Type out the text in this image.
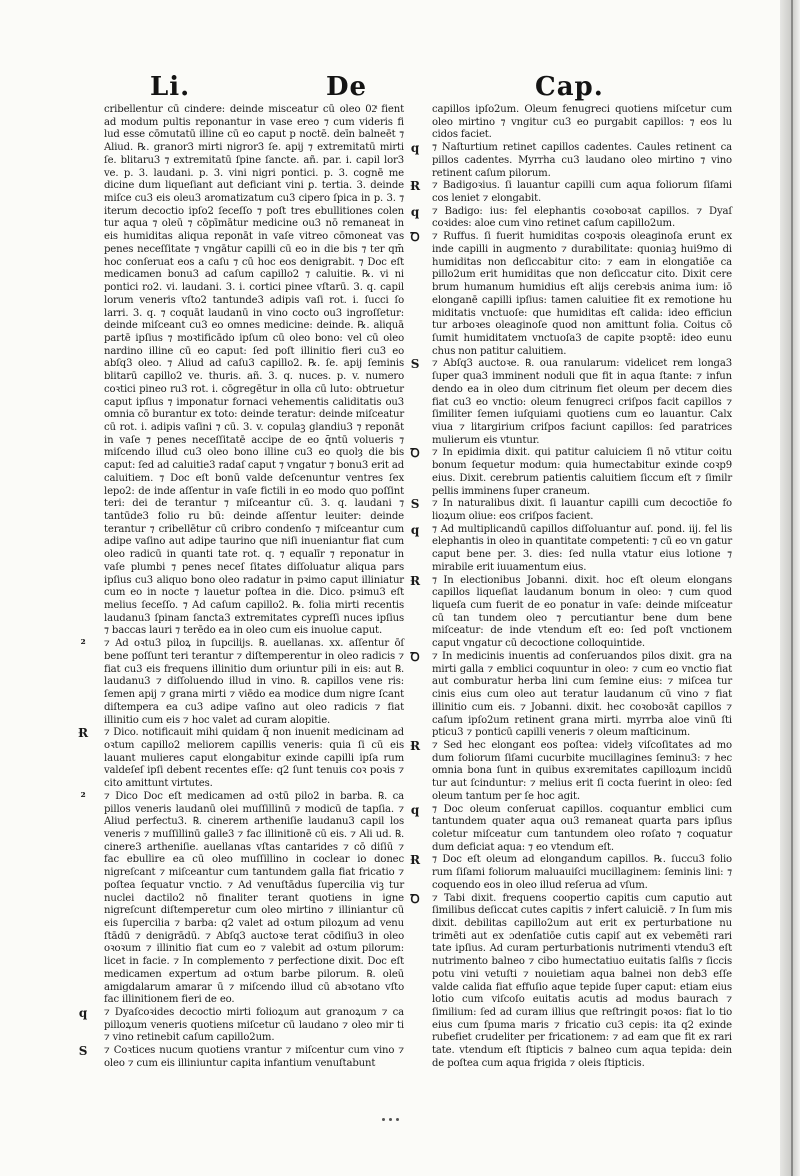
Li.	De	Cap.

cribellentur cū cindere: deinde misceatur cū oleo 02ͭ fient ad modum pultis reponantur in vase ereo ⁊ cum videris fi lud esse cōmutatū illine cū eo caput p noctē. deīn balneēt ⁊ Aliud. ℞. granor3 mirti nigror3 ſe. apij ⁊ extremitatū mirti ſe. blitaru3 ⁊ extremitatū ſpine ſancte. añ. par. i. capil lor3 ve. p. 3. laudani. p. 3. vini nigri pontici. p. 3. cognē me dicine dum liqueſiant aut deficiant vini ꝑ. tertia. 3. deinde miſce cu3 eis oleu3 aromatizatum cu3 cipero ſpica in p. 3. ⁊ iterum decoctio ipſo2 ſeceſſo ⁊ poſt tres ebullitiones colen tur aqua ⁊ oleū ⁊ cōpīmātur medicine ou3 nō remaneat in eis humiditas aliqua reponāt in vaſe vitreo cōmoneat vas penes neceſſitate ⁊ vngātur capilli cū eo in die bis ⁊ ter qm̄ hoc conſeruat eos a caſu ⁊ cū hoc eos denigrabit. ⁊ Doc eſt medicamen bonu3 ad caſum capillo2 ⁊ caluitie. ℞. vi ni pontici ro2. vi. laudani. 3. i. cortici pinee vſtarū. 3. q. capil lorum veneris vſto2 tantunde3 adipis vaſi rot. i. ſucci ſo larri. 3. q. ⁊ coquāt laudanū in vino cocto ou3 ingroſſetur: deinde miſceant cu3 eo omnes medicine: deinde. ℞. aliquā partē ipſius ⁊ moꝛtificādo ipſum cū oleo bono: vel cū oleo nardino illine cū eo caput: ſed poſt illinitio fieri cu3 eo abſq3 oleo. ⁊ Aliud ad caſu3 capillo2. ℞. ſe. apij ſeminis blitarū capillo2 ve. thuris. añ. 3. q. nuces. p. v. numero coꝛtici pineo ru3 rot. i. cōgregētur in olla cū luto: obtruetur caput ipſius ⁊ imponatur fornaci vehementis caliditatis ou3 omnia cō burantur ex toto: deinde teratur: deinde miſceatur cū rot. i. adipis vaſini ⁊ cū. 3. v. copulaꝫ glandiu3 ⁊ reponāt in vaſe ⁊ penes neceſſitatē accipe de eo q̄ntū volueris ⁊ miſcendo illud cu3 oleo bono illine cu3 eo quolȝ die bis caput: ſed ad caluitie3 radaſ caput ⁊ vngatur ⁊ bonu3 erit ad caluitiem. ⁊ Doc eſt bonū valde deſcenuntur ventres ſex lepo2: de inde aſſentur in vaſe fictili in eo modo quo poſſint teri: dei de terantur ⁊ miſceantur cū. 3. q. laudani ⁊ tantūde3 folio ru bū: deinde aſſentur leuiter: deinde terantur ⁊ cribellētur cū cribro condenſo ⁊ miſceantur cum adipe vaſino aut adipe taurino que niſi inueniantur fiat cum oleo radicū in quanti tate rot. q. ⁊ equalīr ⁊ reponatur in vaſe plumbi ⁊ penes neceſ ſitates diſſoluatur aliqua pars ipſius cu3 aliquo bono oleo radatur in pꝛimo caput illiniatur cum eo in nocte ⁊ lauetur poſtea in die. Dico. pꝛimu3 eſt melius ſeceſſo. ⁊ Ad caſum capillo2. ℞. folia mirti recentis laudanu3 ſpinam ſancta3 extremitates cypreſſi nuces ipſius ⁊ baccas lauri ⁊ terēdo ea in oleo cum eis inuolue caput.

²	⁊ Ad oꝛtu3 piloꝝ in ſupcilijs. ℞. auellanas. xx. aſſentur ōſ bene poſſunt teri terantur ⁊ diſtemperentur in oleo radicis ⁊ fiat cu3 eis frequens illinitio dum oriuntur pili in eis: aut ℞. laudanu3 ⁊ diſſoluendo illud in vino. ℞. capillos vene ris: ſemen apij ⁊ grana mirti ⁊ viēdo ea modice dum nigre ſcant diſtempera ea cu3 adipe vaſino aut oleo radicis ⁊ fiat illinitio cum eis ⁊ hoc valet ad curam alopitie.

Ɍ	⁊ Dico. notificauit mihi quidam q̄ non inuenit medicinam ad oꝛtum capillo2 meliorem capillis veneris: quia ſi cū eis lauant mulieres caput elongabitur exinde capilli ipſa rum valdeſeſ ipſi debent recentes eſſe: q2 ſunt tenuis coꝛ poꝛis ⁊ cito amittunt virtutes.

²	⁊ Dico Doc eſt medicamen ad oꝛtū pilo2 in barba. ℞. ca pillos veneris laudanū olei muſſillinū ⁊ modicū de tapſia. ⁊ Aliud perfectu3. ℞. cinerem artheniſie laudanu3 capil los veneris ⁊ muſſillinū galle3 ⁊ fac illinitionē cū eis. ⁊ Ali ud. ℞. cinere3 artheniſie. auellanas vſtas cantarides ⁊ cō diſiū ⁊ fac ebullire ea cū oleo muſſillino in coclear io donec nigreſcant ⁊ miſceantur cum tantundem galla fiat fricatio ⁊ poſtea ſequatur vnctio. ⁊ Ad venuſtādus ſupercilia viꝫ tur nuclei dactilo2 nō finaliter terant quotiens in igne nigreſcunt diſtemperetur cum oleo mirtino ⁊ illiniantur cū eis ſupercilia ⁊ barba: q2 valet ad oꝛtum piloꝝum ad venu ſtādū ⁊ denigrādū. ⁊ Abſq3 auctoꝛe terat cōdiſiu3 in oleo oꝛoꝛum ⁊ illinitio fiat cum eo ⁊ valebit ad oꝛtum pilorum: licet in facie. ⁊ In complemento ⁊ perfectione dixit. Doc eſt medicamen expertum ad oꝛtum barbe pilorum. ℞. oleū amigdalarum amarar ū ⁊ miſcendo illud cū abꝛotano vſto fac illinitionem fieri de eo.

q	⁊ Dyaſcoꝛides decoctio mirti folioꝝum aut granoꝝum ⁊ ca pilloꝝum veneris quotiens miſcetur cū laudano ⁊ oleo mir ti ⁊ vino retinebit caſum capillo2um.

S	⁊ Coꝛtices nucum quotiens vrantur ⁊ miſcentur cum vino ⁊ oleo ⁊ cum eis illiniuntur capita infantium venuſtabunt

capillos ipſo2um. Oleum fenugreci quotiens miſcetur cum oleo mirtino ⁊ vngitur cu3 eo purgabit capillos: ⁊ eos lu cidos faciet.

q	⁊ Naſturtium retinet capillos cadentes. Caules retinent ca pillos cadentes. Myrrha cu3 laudano oleo mirtino ⁊ vino retinent caſum pilorum.

Ɍ	⁊ Badigoꝛius. ſi lauantur capilli cum aqua foliorum ſiſami cos leniet ⁊ elongabit.

q	⁊ Badigo: ius: fel elephantis coꝛoboꝛat capillos. ⁊ Dyaſ coꝛides: aloe cum vino retinet caſum capillo2um.

Ꝺ	⁊ Ruffus. ſi fuerit humiditas coꝛpoꝛis oleaginoſa erunt ex inde capilli in augmento ⁊ durabilitate: quoniaꝫ hui9mo di humiditas non deſiccabitur cito: ⁊ eam in elongatiōe ca pillo2um erit humiditas que non deſiccatur cito. Dixit cere brum humanum humidius eſt alijs cerebꝛis anima ium: iō elonganē capilli ipſius: tamen caluitiee fit ex remotione hu miditatis vnctuoſe: que humiditas eſt calida: ideo efficiun tur arboꝛes oleaginoſe quod non amittunt folia. Coitus cō ſumit humiditatem vnctuoſa3 de capite pꝛoptē: ideo eunu chus non patitur caluitiem.

S	⁊ Abſq3 auctoꝛe. ℞. oua ranularum: videlicet rem longa3 ſuper qua3 imminent noduli que fit in aqua ſtante: ⁊ infun dendo ea in oleo dum citrinum fiet oleum per decem dies fiat cu3 eo vnctio: oleum fenugreci criſpos facit capillos ⁊ ſimiliter ſemen iuſquiami quotiens cum eo lauantur. Calx viua ⁊ litargirium criſpos faciunt capillos: ſed paratrices mulierum eis vtuntur.

Ꝺ	⁊ In epidimia dixit. qui patitur caluiciem ſi nō vtitur coitu bonum ſequetur modum: quia humectabitur exinde coꝛp9 eius. Dixit. cerebrum patientis caluitiem ſiccum eſt ⁊ ſimilr pellis imminens ſuper craneum.

S	⁊ In naturalibus dixit. ſi lauantur capilli cum decoctiōe fo lioꝝum oliue: eos criſpos facient.

q	⁊ Ad multiplicandū capillos diſſoluantur auſ. pond. iij. fel lis elephantis in oleo in quantitate competenti: ⁊ cū eo vn gatur caput bene per. 3. dies: ſed nulla vtatur eius lotione ⁊ mirabile erit iuuamentum eius.

Ɍ	⁊ In electionibus Jobanni. dixit. hoc eſt oleum elongans capillos liqueſiat laudanum bonum in oleo: ⁊ cum quod liqueſa cum fuerit de eo ponatur in vaſe: deinde miſceatur cū tan tundem oleo ⁊ percutiantur bene dum bene miſceatur: de inde vtendum eſt eo: ſed poſt vnctionem caput vngatur cū decoctione colloquintide.

Ꝺ	⁊ In medicinis inuentis ad conſeruandos pilos dixit. gra na mirti galla ⁊ emblici coquuntur in oleo: ⁊ cum eo vnctio fiat aut comburatur herba lini cum ſemine eius: ⁊ miſcea tur cinis eius cum oleo aut teratur laudanum cū vino ⁊ fiat illinitio cum eis. ⁊ Jobanni. dixit. hec coꝛoboꝛāt capillos ⁊ caſum ipſo2um retinent grana mirti. myrrba aloe vinū ſti pticu3 ⁊ ponticū capilli veneris ⁊ oleum maſticinum.

Ɍ	⁊ Sed hec elongant eos poſtea: videlȝ viſcoſitates ad mo dum foliorum ſiſami cucurbite mucillagines ſeminu3: ⁊ hec omnia bona ſunt in quibus exꝛremitates capilloꝝum incidū tur aut ſcinduntur: ⁊ melius erit ſi cocta fuerint in oleo: ſed oleum tantum per ſe hoc agit.

q	⁊ Doc oleum conſeruat capillos. coquantur emblici cum tantundem quater aqua ou3 remaneat quarta pars ipſius coletur miſceatur cum tantundem oleo roſato ⁊ coquatur dum deficiat aqua: ⁊ eo vtendum eſt.

Ɍ	⁊ Doc eſt oleum ad elongandum capillos. ℞. ſuccu3 folio rum ſiſami foliorum maluauiſci mucillaginem: ſeminis lini: ⁊ coquendo eos in oleo illud reſerua ad vſum.

Ꝺ	⁊ Tabi dixit. frequens coopertio capitis cum caputio aut ſimilibus deſiccat cutes capitis ⁊ infert caluiciē. ⁊ In ſum mis dixit. debilitas capillo2um aut erit ex perturbatione nu trimēti aut ex ɔdenſatiōe cutis capiſ aut ex vebemēti rari tate ipſius. Ad curam perturbationis nutrimenti vtendu3 eſt nutrimento balneo ⁊ cibo humectatiuo euitatis ſalſis ⁊ ſiccis potu vini vetuſti ⁊ nouietiam aqua balnei non deb3 eſſe valde calida fiat effuſio aque tepide ſuper caput: etiam eius lotio cum viſcoſo euitatis acutis ad modus baurach ⁊ ſimilium: ſed ad curam illius que reſtringit poꝛos: fiat lo tio eius cum ſpuma maris ⁊ fricatio cu3 cepis: ita q2 exinde rubefiet crudeliter per fricationem: ⁊ ad eam que fit ex rari tate. vtendum eſt ſtipticis ⁊ balneo cum aqua tepida: dein de poſtea cum aqua frigida ⁊ oleis ſtipticis.
